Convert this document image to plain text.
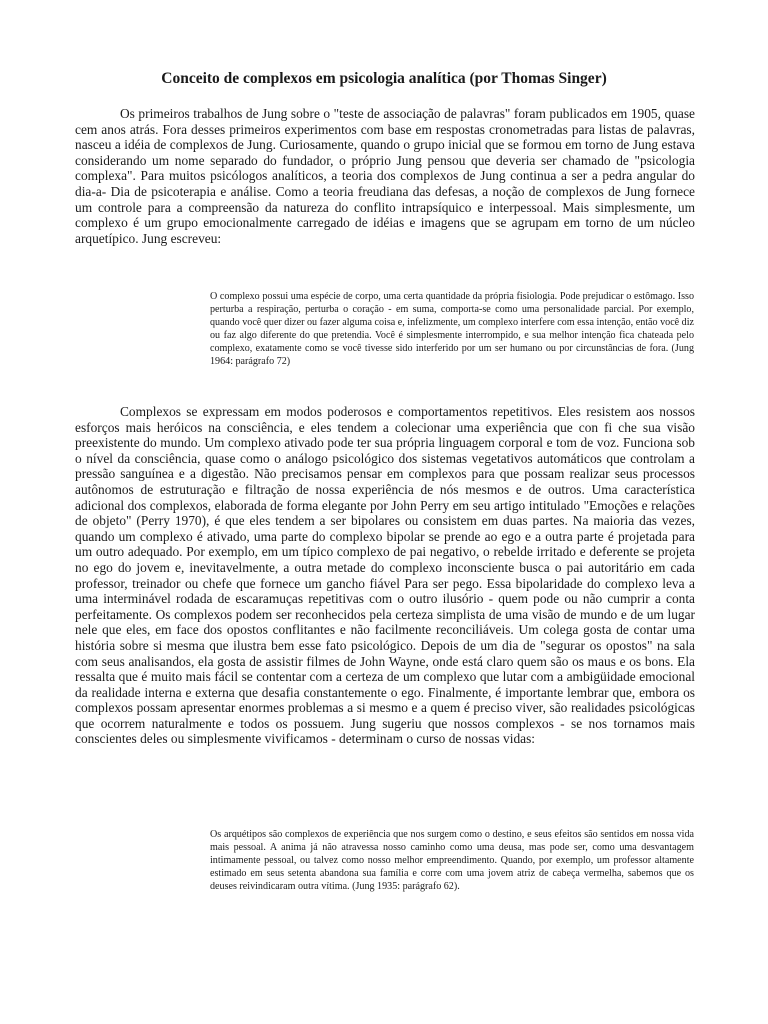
Conceito de complexos em psicologia analítica (por Thomas Singer)

Os primeiros trabalhos de Jung sobre o "teste de associação de palavras" foram publicados em 1905, quase cem anos atrás. Fora desses primeiros experimentos com base em respostas cronometradas para listas de palavras, nasceu a idéia de complexos de Jung. Curiosamente, quando o grupo inicial que se formou em torno de Jung estava considerando um nome separado do fundador, o próprio Jung pensou que deveria ser chamado de "psicologia complexa". Para muitos psicólogos analíticos, a teoria dos complexos de Jung continua a ser a pedra angular do dia-a- Dia de psicoterapia e análise. Como a teoria freudiana das defesas, a noção de complexos de Jung fornece um controle para a compreensão da natureza do conflito intrapsíquico e interpessoal. Mais simplesmente, um complexo é um grupo emocionalmente carregado de idéias e imagens que se agrupam em torno de um núcleo arquetípico. Jung escreveu:

O complexo possui uma espécie de corpo, uma certa quantidade da própria fisiologia. Pode prejudicar o estômago. Isso perturba a respiração, perturba o coração - em suma, comporta-se como uma personalidade parcial. Por exemplo, quando você quer dizer ou fazer alguma coisa e, infelizmente, um complexo interfere com essa intenção, então você diz ou faz algo diferente do que pretendia. Você é simplesmente interrompido, e sua melhor intenção fica chateada pelo complexo, exatamente como se você tivesse sido interferido por um ser humano ou por circunstâncias de fora. (Jung 1964: parágrafo 72)

Complexos se expressam em modos poderosos e comportamentos repetitivos. Eles resistem aos nossos esforços mais heróicos na consciência, e eles tendem a colecionar uma experiência que con fi che sua visão preexistente do mundo. Um complexo ativado pode ter sua própria linguagem corporal e tom de voz. Funciona sob o nível da consciência, quase como o análogo psicológico dos sistemas vegetativos automáticos que controlam a pressão sanguínea e a digestão. Não precisamos pensar em complexos para que possam realizar seus processos autônomos de estruturação e filtração de nossa experiência de nós mesmos e de outros. Uma característica adicional dos complexos, elaborada de forma elegante por John Perry em seu artigo intitulado "Emoções e relações de objeto" (Perry 1970), é que eles tendem a ser bipolares ou consistem em duas partes. Na maioria das vezes, quando um complexo é ativado, uma parte do complexo bipolar se prende ao ego e a outra parte é projetada para um outro adequado. Por exemplo, em um típico complexo de pai negativo, o rebelde irritado e deferente se projeta no ego do jovem e, inevitavelmente, a outra metade do complexo inconsciente busca o pai autoritário em cada professor, treinador ou chefe que fornece um gancho fiável Para ser pego. Essa bipolaridade do complexo leva a uma interminável rodada de escaramuças repetitivas com o outro ilusório - quem pode ou não cumprir a conta perfeitamente. Os complexos podem ser reconhecidos pela certeza simplista de uma visão de mundo e de um lugar nele que eles, em face dos opostos conflitantes e não facilmente reconciliáveis. Um colega gosta de contar uma história sobre si mesma que ilustra bem esse fato psicológico. Depois de um dia de "segurar os opostos" na sala com seus analisandos, ela gosta de assistir filmes de John Wayne, onde está claro quem são os maus e os bons. Ela ressalta que é muito mais fácil se contentar com a certeza de um complexo que lutar com a ambigüidade emocional da realidade interna e externa que desafia constantemente o ego. Finalmente, é importante lembrar que, embora os complexos possam apresentar enormes problemas a si mesmo e a quem é preciso viver, são realidades psicológicas que ocorrem naturalmente e todos os possuem. Jung sugeriu que nossos complexos - se nos tornamos mais conscientes deles ou simplesmente vivificamos - determinam o curso de nossas vidas:

Os arquétipos são complexos de experiência que nos surgem como o destino, e seus efeitos são sentidos em nossa vida mais pessoal. A anima já não atravessa nosso caminho como uma deusa, mas pode ser, como uma desvantagem intimamente pessoal, ou talvez como nosso melhor empreendimento. Quando, por exemplo, um professor altamente estimado em seus setenta abandona sua família e corre com uma jovem atriz de cabeça vermelha, sabemos que os deuses reivindicaram outra vítima. (Jung 1935: parágrafo 62).
